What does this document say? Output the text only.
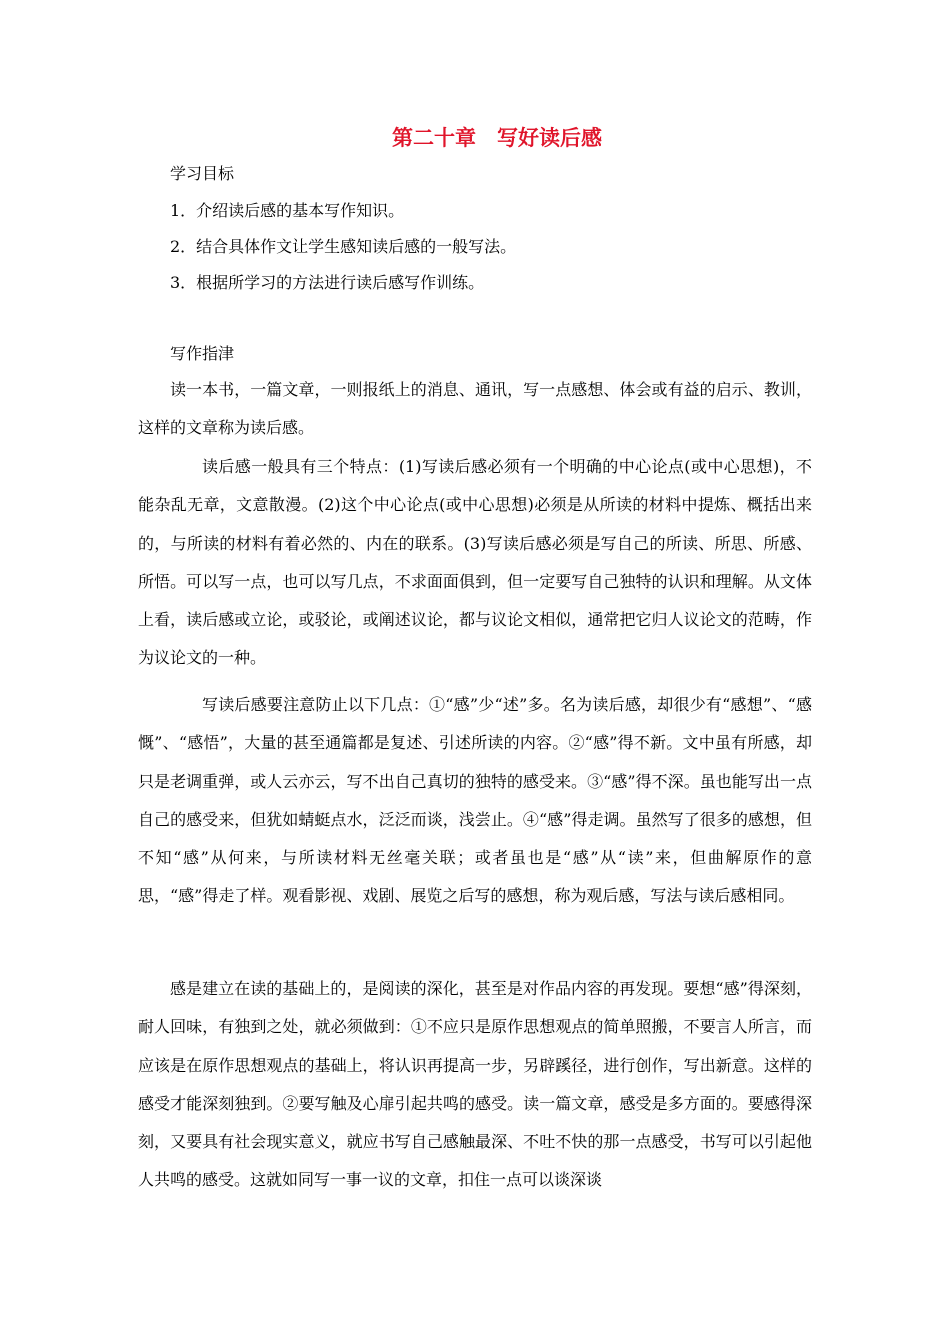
第二十章　写好读后感
学习目标
1．介绍读后感的基本写作知识。
2．结合具体作文让学生感知读后感的一般写法。
3．根据所学习的方法进行读后感写作训练。
写作指津

读一本书，一篇文章，一则报纸上的消息、通讯，写一点感想、体会或有益的启示、教训，这样的文章称为读后感。

读后感一般具有三个特点：(1)写读后感必须有一个明确的中心论点(或中心思想)，不能杂乱无章，文意散漫。(2)这个中心论点(或中心思想)必须是从所读的材料中提炼、概括出来的，与所读的材料有着必然的、内在的联系。(3)写读后感必须是写自己的所读、所思、所感、所悟。可以写一点，也可以写几点，不求面面俱到，但一定要写自己独特的认识和理解。从文体上看，读后感或立论，或驳论，或阐述议论，都与议论文相似，通常把它归人议论文的范畴，作为议论文的一种。

写读后感要注意防止以下几点：①“感”少“述”多。名为读后感，却很少有“感想”、“感慨”、“感悟”，大量的甚至通篇都是复述、引述所读的内容。②“感”得不新。文中虽有所感，却只是老调重弹，或人云亦云，写不出自己真切的独特的感受来。③“感”得不深。虽也能写出一点自己的感受来，但犹如蜻蜓点水，泛泛而谈，浅尝止。④“感”得走调。虽然写了很多的感想，但不知“感”从何来，与所读材料无丝毫关联；或者虽也是“感”从“读”来，但曲解原作的意思，“感”得走了样。观看影视、戏剧、展览之后写的感想，称为观后感，写法与读后感相同。

感是建立在读的基础上的，是阅读的深化，甚至是对作品内容的再发现。要想“感”得深刻，耐人回味，有独到之处，就必须做到：①不应只是原作思想观点的简单照搬，不要言人所言，而应该是在原作思想观点的基础上，将认识再提高一步，另辟蹊径，进行创作，写出新意。这样的感受才能深刻独到。②要写触及心扉引起共鸣的感受。读一篇文章，感受是多方面的。要感得深刻，又要具有社会现实意义，就应书写自己感触最深、不吐不快的那一点感受，书写可以引起他人共鸣的感受。这就如同写一事一议的文章，扣住一点可以谈深谈
